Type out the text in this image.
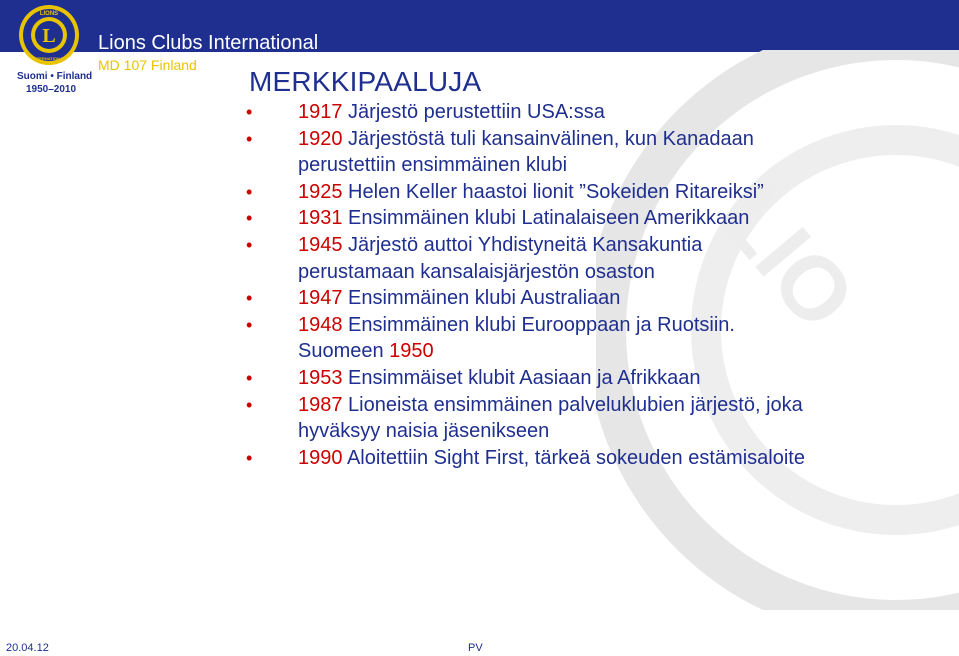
Lions Clubs International
MD 107 Finland
L
LIONS
INTERNATIONAL
Suomi • Finland
1950–2010
LIO
MERKKIPAALUJA
• 1917 Järjestö perustettiin USA:ssa
• 1920 Järjestöstä tuli kansainvälinen, kun Kanadaan perustettiin ensimmäinen klubi
• 1925 Helen Keller haastoi lionit ”Sokeiden Ritareiksi”
• 1931 Ensimmäinen klubi Latinalaiseen Amerikkaan
• 1945 Järjestö auttoi Yhdistyneitä Kansakuntia perustamaan kansalaisjärjestön osaston
• 1947 Ensimmäinen klubi Australiaan
• 1948 Ensimmäinen klubi Eurooppaan ja Ruotsiin. Suomeen 1950
• 1953 Ensimmäiset klubit Aasiaan ja Afrikkaan
• 1987 Lioneista ensimmäinen palveluklubien järjestö, joka hyväksyy naisia jäsenikseen
• 1990 Aloitettiin Sight First, tärkeä sokeuden estämisaloite
20.04.12	PV
